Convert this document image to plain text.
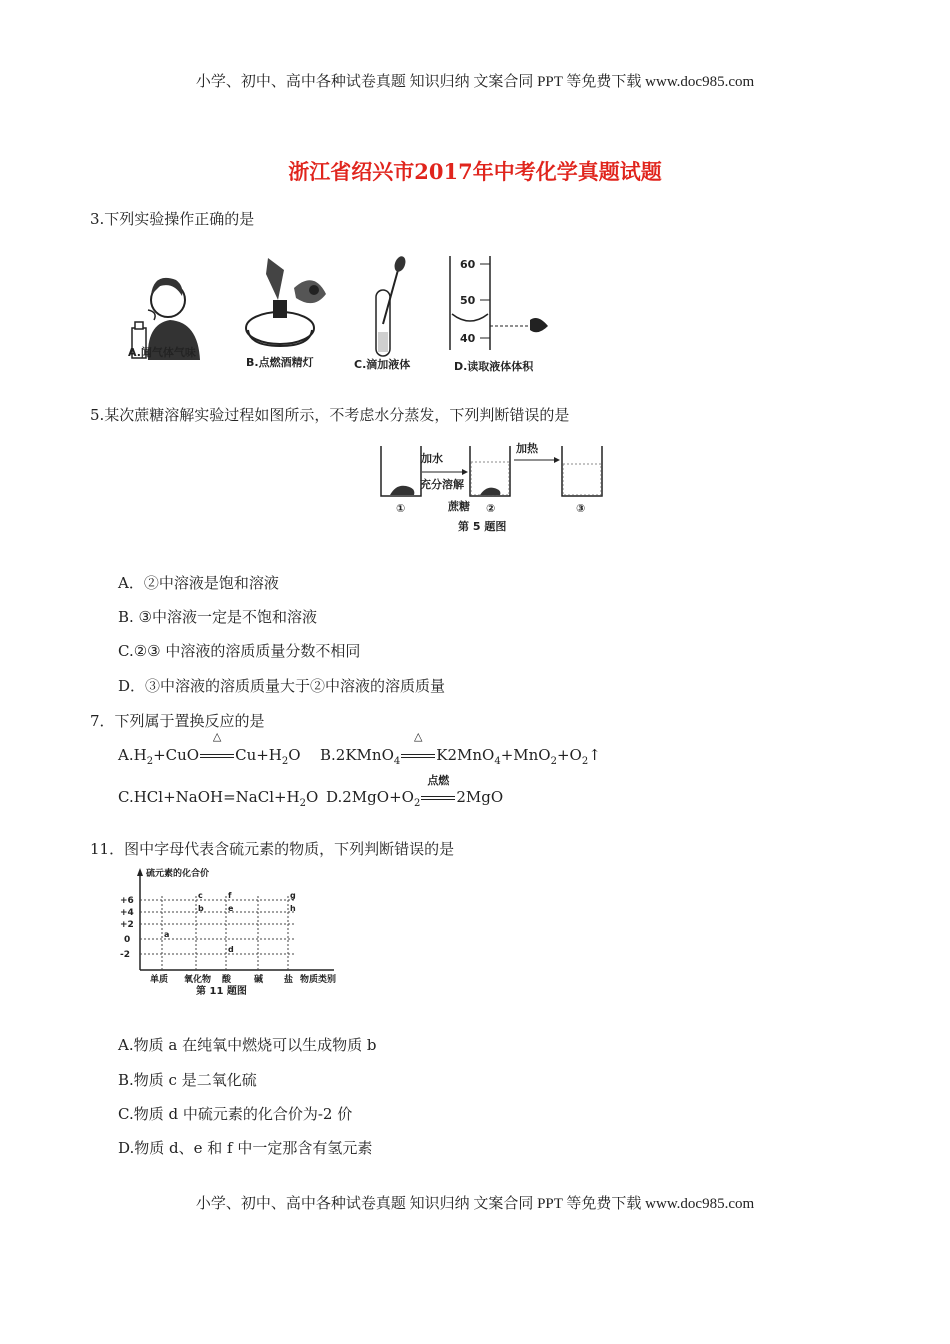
小学、初中、高中各种试卷真题 知识归纳 文案合同 PPT 等免费下载 www.doc985.com
浙江省绍兴市2017年中考化学真题试题
3.下列实验操作正确的是
A.闻气体气味
B.点燃酒精灯	C.滴加液体
60
50
40
D.读取液体体积
5.某次蔗糖溶解实验过程如图所示，不考虑水分蒸发，下列判断错误的是
加水
充分溶解
加热
①	蔗糖 ②	③
第 5 题图
A．②中溶液是饱和溶液
B. ③中溶液一定是不饱和溶液
C.②③ 中溶液的溶质质量分数不相同
D．③中溶液的溶质质量大于②中溶液的溶质质量
7．下列属于置换反应的是
$A.H_2+CuO$
△
$Cu+H_2O$ B.2KMnO$_4$
△
$K2MnO_4+MnO_2+O_2↑$
$C.HCl+NaOH=NaCl+H_2O$ $D.2MgO+O_2$
点燃
2MgO
11．图中字母代表含硫元素的物质，下列判断错误的是
硫元素的化合价
+6
+4
+2
0
-2
c	f	g
b	e	h
a
d
单质 氧化物 酸	碱 盐 物质类别
第 11 题图
A.物质 a 在纯氧中燃烧可以生成物质 b
B.物质 c 是二氧化硫
C.物质 d 中硫元素的化合价为-2 价
D.物质 d、e 和 f 中一定那含有氢元素
小学、初中、高中各种试卷真题 知识归纳 文案合同 PPT 等免费下载 www.doc985.com
